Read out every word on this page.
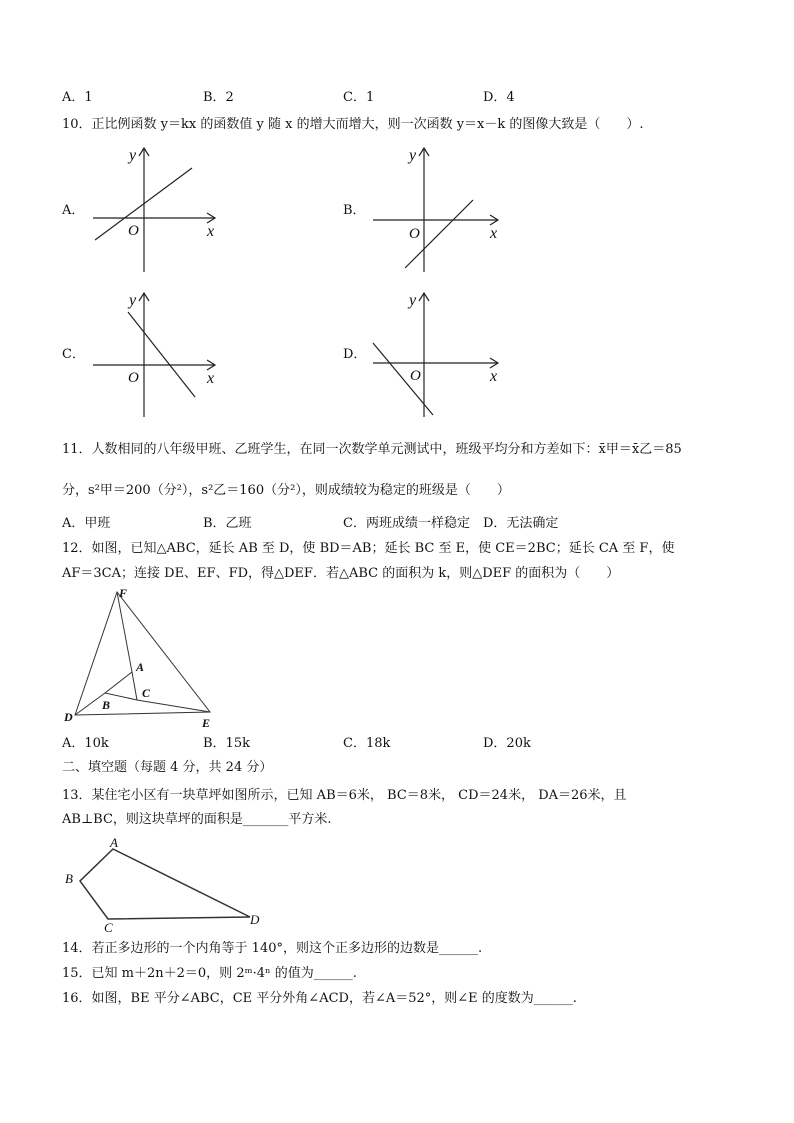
A．1	B．2	C．1	D．4
10．正比例函数 y＝kx 的函数值 y 随 x 的增大而增大，则一次函数 y＝x－k 的图像大致是（　　）.
A．	B．
C．	D．
y
x
O
y
x
O
y
x
O
y
x
O
11．人数相同的八年级甲班、乙班学生，在同一次数学单元测试中，班级平均分和方差如下：x̄甲＝x̄乙＝85
分，s²甲＝200（分²），s²乙＝160（分²），则成绩较为稳定的班级是（　　）
A．甲班	B．乙班	C．两班成绩一样稳定 D．无法确定
12．如图，已知△ABC，延长 AB 至 D，使 BD＝AB；延长 BC 至 E，使 CE＝2BC；延长 CA 至 F，使
AF＝3CA；连接 DE、EF、FD，得△DEF．若△ABC 的面积为 k，则△DEF 的面积为（　　）
F
A
C
B
D	E
A．10k	B．15k	C．18k	D．20k
二、填空题（每题 4 分，共 24 分）
13．某住宅小区有一块草坪如图所示，已知 AB＝6米， BC＝8米， CD＝24米， DA＝26米，且
AB⊥BC，则这块草坪的面积是_______平方米.
A
B
C
D
14．若正多边形的一个内角等于 140°，则这个正多边形的边数是______.
15．已知 m＋2n＋2＝0，则 2ᵐ·4ⁿ 的值为______.
16．如图，BE 平分∠ABC，CE 平分外角∠ACD，若∠A＝52°，则∠E 的度数为______.
